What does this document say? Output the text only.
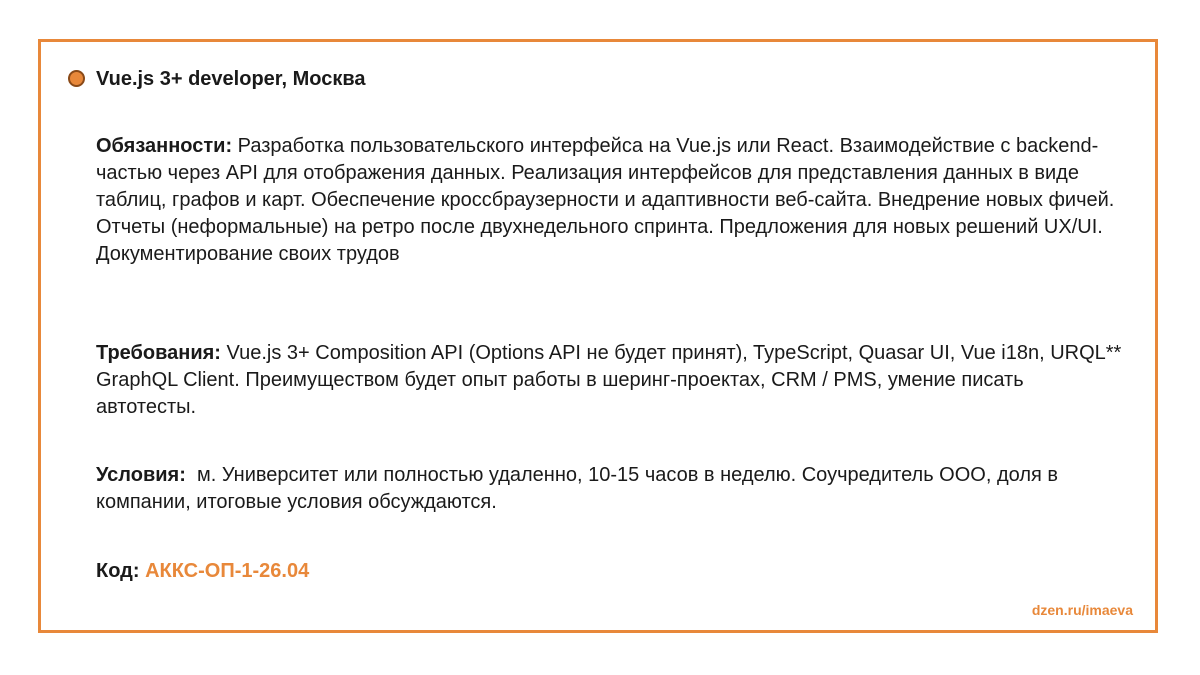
Vue.js 3+ developer, Москва
Обязанности: Разработка пользовательского интерфейса на Vue.js или React. Взаимодействие с backend-частью через API для отображения данных. Реализация интерфейсов для представления данных в виде таблиц, графов и карт. Обеспечение кроссбраузерности и адаптивности веб-сайта. Внедрение новых фичей. Отчеты (неформальные) на ретро после двухнедельного спринта. Предложения для новых решений UX/UI. Документирование своих трудов
Требования: Vue.js 3+ Composition API (Options API не будет принят), TypeScript, Quasar UI, Vue i18n, URQL** GraphQL Client. Преимуществом будет опыт работы в шеринг-проектах, CRM / PMS, умение писать автотесты.
Условия:  м. Университет или полностью удаленно, 10-15 часов в неделю. Соучредитель ООО, доля в компании, итоговые условия обсуждаются.
Код: АККС-ОП-1-26.04
dzen.ru/imaeva
